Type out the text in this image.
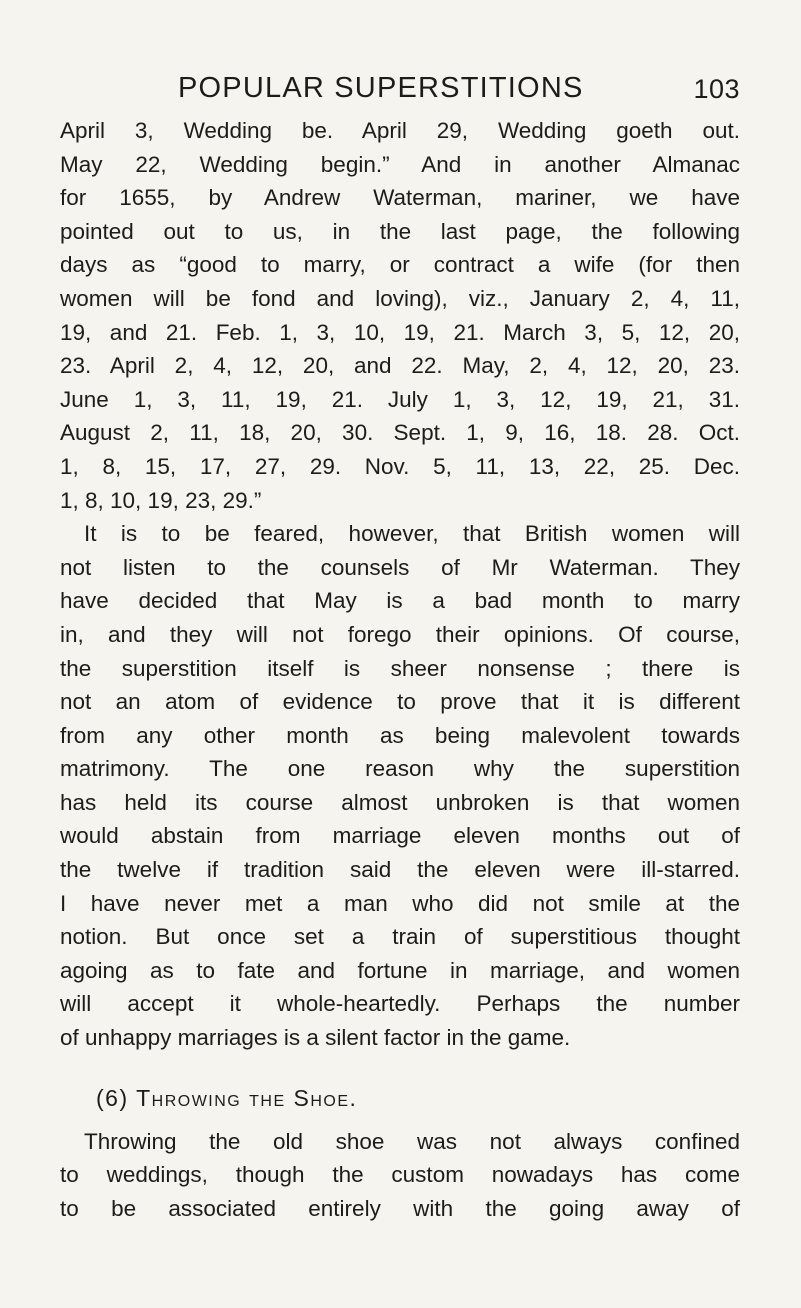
POPULAR SUPERSTITIONS	103
April 3, Wedding be. April 29, Wedding goeth out.
May 22, Wedding begin.” And in another Almanac
for 1655, by Andrew Waterman, mariner, we have
pointed out to us, in the last page, the following
days as “good to marry, or contract a wife (for then
women will be fond and loving), viz., January 2, 4, 11,
19, and 21. Feb. 1, 3, 10, 19, 21. March 3, 5, 12, 20,
23. April 2, 4, 12, 20, and 22. May, 2, 4, 12, 20, 23.
June 1, 3, 11, 19, 21. July 1, 3, 12, 19, 21, 31.
August 2, 11, 18, 20, 30. Sept. 1, 9, 16, 18. 28. Oct.
1, 8, 15, 17, 27, 29. Nov. 5, 11, 13, 22, 25. Dec.
1, 8, 10, 19, 23, 29.”
It is to be feared, however, that British women will
not listen to the counsels of Mr Waterman. They
have decided that May is a bad month to marry
in, and they will not forego their opinions. Of course,
the superstition itself is sheer nonsense ; there is
not an atom of evidence to prove that it is different
from any other month as being malevolent towards
matrimony. The one reason why the superstition
has held its course almost unbroken is that women
would abstain from marriage eleven months out of
the twelve if tradition said the eleven were ill-starred.
I have never met a man who did not smile at the
notion. But once set a train of superstitious thought
agoing as to fate and fortune in marriage, and women
will accept it whole-heartedly. Perhaps the number
of unhappy marriages is a silent factor in the game.
(6) Throwing the Shoe.
Throwing the old shoe was not always confined
to weddings, though the custom nowadays has come
to be associated entirely with the going away of
